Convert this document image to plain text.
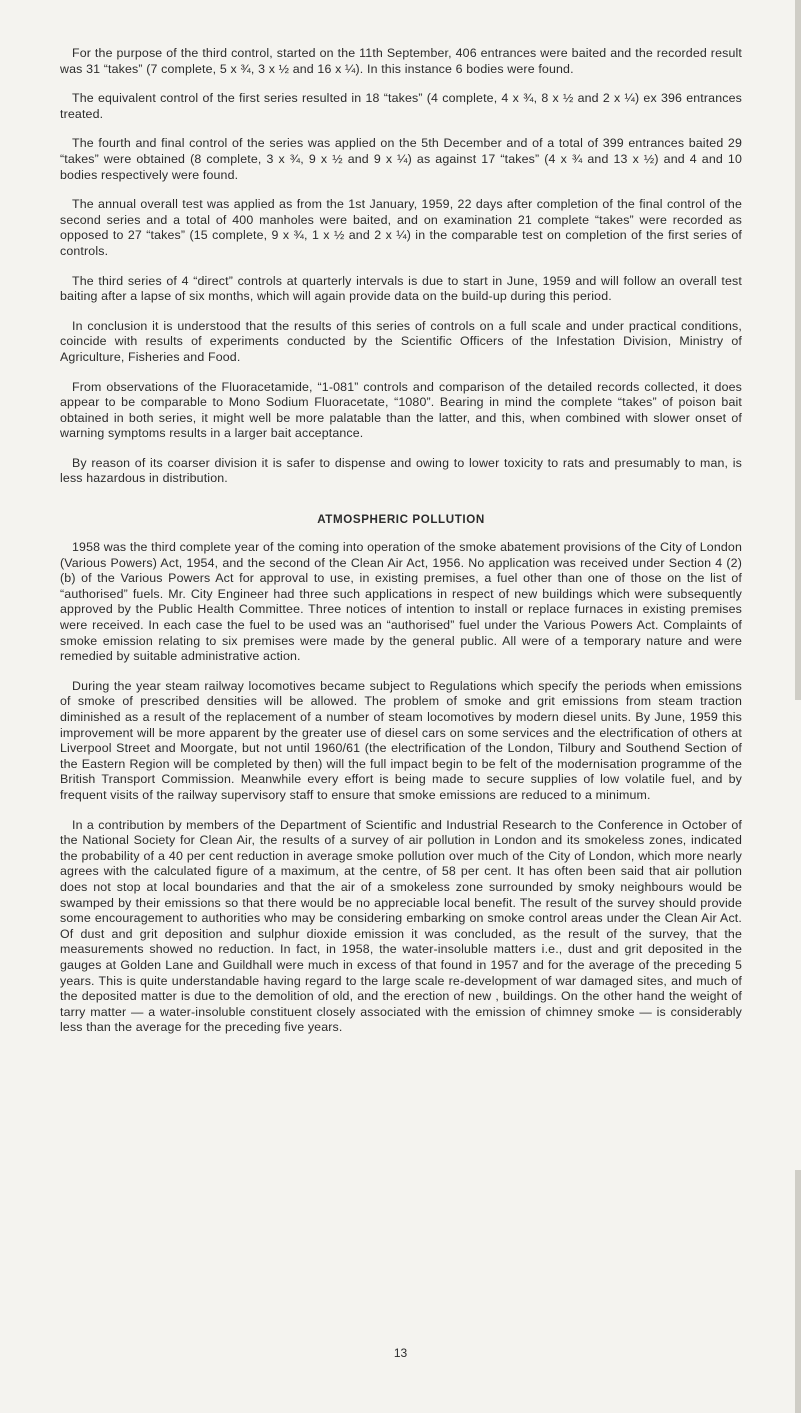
For the purpose of the third control, started on the 11th September, 406 entrances were baited and the recorded result was 31 “takes” (7 complete, 5 x ¾, 3 x ½ and 16 x ¼). In this instance 6 bodies were found.

The equivalent control of the first series resulted in 18 “takes” (4 complete, 4 x ¾, 8 x ½ and 2 x ¼) ex 396 entrances treated.

The fourth and final control of the series was applied on the 5th December and of a total of 399 entrances baited 29 “takes” were obtained (8 complete, 3 x ¾, 9 x ½ and 9 x ¼) as against 17 “takes” (4 x ¾ and 13 x ½) and 4 and 10 bodies respectively were found.

The annual overall test was applied as from the 1st January, 1959, 22 days after completion of the final control of the second series and a total of 400 manholes were baited, and on examination 21 complete “takes” were recorded as opposed to 27 “takes” (15 complete, 9 x ¾, 1 x ½ and 2 x ¼) in the comparable test on completion of the first series of controls.

The third series of 4 “direct” controls at quarterly intervals is due to start in June, 1959 and will follow an overall test baiting after a lapse of six months, which will again provide data on the build-up during this period.

In conclusion it is understood that the results of this series of controls on a full scale and under practical conditions, coincide with results of experiments conducted by the Scientific Officers of the Infestation Division, Ministry of Agriculture, Fisheries and Food.

From observations of the Fluoracetamide, “1-081” controls and comparison of the detailed records collected, it does appear to be comparable to Mono Sodium Fluoracetate, “1080”. Bearing in mind the complete “takes” of poison bait obtained in both series, it might well be more palatable than the latter, and this, when combined with slower onset of warning symptoms results in a larger bait acceptance.

By reason of its coarser division it is safer to dispense and owing to lower toxicity to rats and presumably to man, is less hazardous in distribution.

ATMOSPHERIC POLLUTION

1958 was the third complete year of the coming into operation of the smoke abatement provisions of the City of London (Various Powers) Act, 1954, and the second of the Clean Air Act, 1956. No application was received under Section 4 (2)(b) of the Various Powers Act for approval to use, in existing premises, a fuel other than one of those on the list of “authorised” fuels. Mr. City Engineer had three such applications in respect of new buildings which were subsequently approved by the Public Health Committee. Three notices of intention to install or replace furnaces in existing premises were received. In each case the fuel to be used was an “authorised” fuel under the Various Powers Act. Complaints of smoke emission relating to six premises were made by the general public. All were of a temporary nature and were remedied by suitable administrative action.

During the year steam railway locomotives became subject to Regulations which specify the periods when emissions of smoke of prescribed densities will be allowed. The problem of smoke and grit emissions from steam traction diminished as a result of the replacement of a number of steam locomotives by modern diesel units. By June, 1959 this improvement will be more apparent by the greater use of diesel cars on some services and the electrification of others at Liverpool Street and Moorgate, but not until 1960/61 (the electrification of the London, Tilbury and Southend Section of the Eastern Region will be completed by then) will the full impact begin to be felt of the modernisation programme of the British Transport Commission. Meanwhile every effort is being made to secure supplies of low volatile fuel, and by frequent visits of the railway supervisory staff to ensure that smoke emissions are reduced to a minimum.

In a contribution by members of the Department of Scientific and Industrial Research to the Conference in October of the National Society for Clean Air, the results of a survey of air pollution in London and its smokeless zones, indicated the probability of a 40 per cent reduction in average smoke pollution over much of the City of London, which more nearly agrees with the calculated figure of a maximum, at the centre, of 58 per cent. It has often been said that air pollution does not stop at local boundaries and that the air of a smokeless zone surrounded by smoky neighbours would be swamped by their emissions so that there would be no appreciable local benefit. The result of the survey should provide some encouragement to authorities who may be considering embarking on smoke control areas under the Clean Air Act. Of dust and grit deposition and sulphur dioxide emission it was concluded, as the result of the survey, that the measurements showed no reduction. In fact, in 1958, the water-insoluble matters i.e., dust and grit deposited in the gauges at Golden Lane and Guildhall were much in excess of that found in 1957 and for the average of the preceding 5 years. This is quite understandable having regard to the large scale re-development of war damaged sites, and much of the deposited matter is due to the demolition of old, and the erection of new , buildings. On the other hand the weight of tarry matter — a water-insoluble constituent closely associated with the emission of chimney smoke — is considerably less than the average for the preceding five years.

13
